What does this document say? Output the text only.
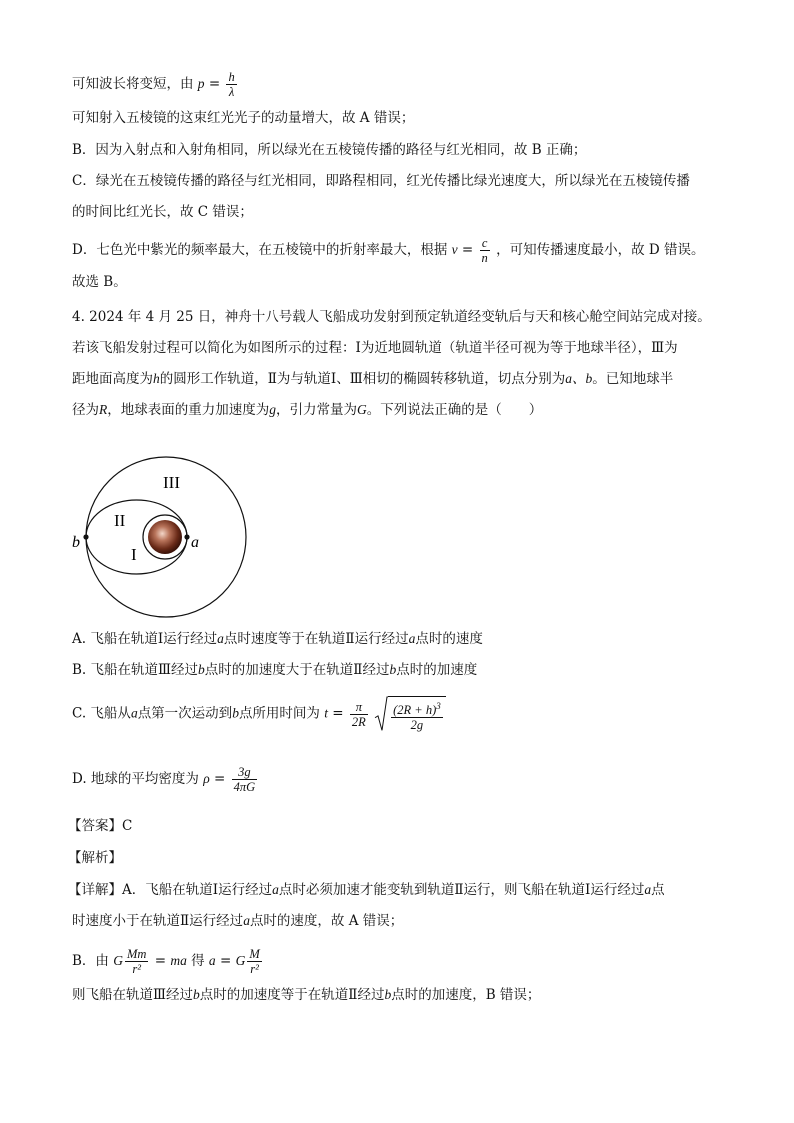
可知波长将变短，由 $p = \frac{h}{\lambda}$
可知射入五棱镜的这束红光光子的动量增大，故 A 错误；
B．因为入射点和入射角相同，所以绿光在五棱镜传播的路径与红光相同，故 B 正确；
C．绿光在五棱镜传播的路径与红光相同，即路程相同，红光传播比绿光速度大，所以绿光在五棱镜传播
的时间比红光长，故 C 错误；
D．七色光中紫光的频率最大，在五棱镜中的折射率最大，根据 $v = \frac{c}{n}$ ，可知传播速度最小，故 D 错误。
故选 B。
4. 2024 年 4 月 25 日，神舟十八号载人飞船成功发射到预定轨道经变轨后与天和核心舱空间站完成对接。
若该飞船发射过程可以简化为如图所示的过程：Ⅰ为近地圆轨道（轨道半径可视为等于地球半径），Ⅲ为
距地面高度为h的圆形工作轨道，Ⅱ为与轨道Ⅰ、Ⅲ相切的椭圆转移轨道，切点分别为a、b。已知地球半
径为R，地球表面的重力加速度为g，引力常量为G。下列说法正确的是（　　）
III
II
I
a
b
A. 飞船在轨道Ⅰ运行经过a点时速度等于在轨道Ⅱ运行经过a点时的速度
B. 飞船在轨道Ⅲ经过b点时的加速度大于在轨道Ⅱ经过b点时的加速度
C. 飞船从a点第一次运动到b点所用时间为 $t = \frac{\pi}{2R}$
$\frac{(2R + h)^3}{2g}$
D. 地球的平均密度为 $\rho = \frac{3g}{4\pi G}$
【答案】C
【解析】
【详解】A．飞船在轨道Ⅰ运行经过a点时必须加速才能变轨到轨道Ⅱ运行，则飞船在轨道Ⅰ运行经过a点
时速度小于在轨道Ⅱ运行经过a点时的速度，故 A 错误；
B．由 G $\frac{Mm}{\text{r²}}$ = ma 得 a = G $\frac{M}{\text{r²}}$
则飞船在轨道Ⅲ经过b点时的加速度等于在轨道Ⅱ经过b点时的加速度，B 错误；
